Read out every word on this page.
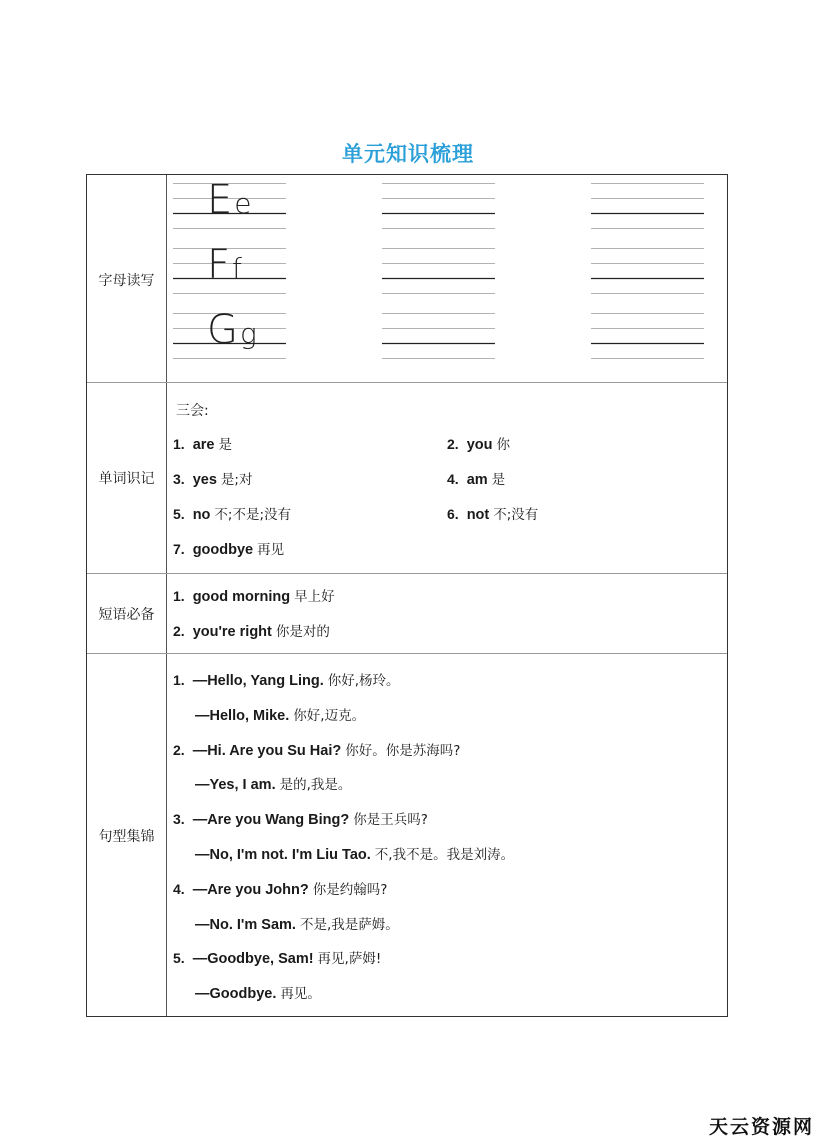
单元知识梳理
字母读写
Ee
Ff
Gg
单词识记
三会:
1. are 是	2. you 你
3. yes 是;对	4. am 是
5. no 不;不是;没有	6. not 不;没有
7. goodbye 再见
短语必备
1. good morning 早上好
2. you're right 你是对的
句型集锦
1. —Hello, Yang Ling. 你好,杨玲。
—Hello, Mike. 你好,迈克。
2. —Hi. Are you Su Hai? 你好。你是苏海吗?
—Yes, I am. 是的,我是。
3. —Are you Wang Bing? 你是王兵吗?
—No, I'm not. I'm Liu Tao. 不,我不是。我是刘涛。
4. —Are you John? 你是约翰吗?
—No. I'm Sam. 不是,我是萨姆。
5. —Goodbye, Sam! 再见,萨姆!
—Goodbye. 再见。
天云资源网
